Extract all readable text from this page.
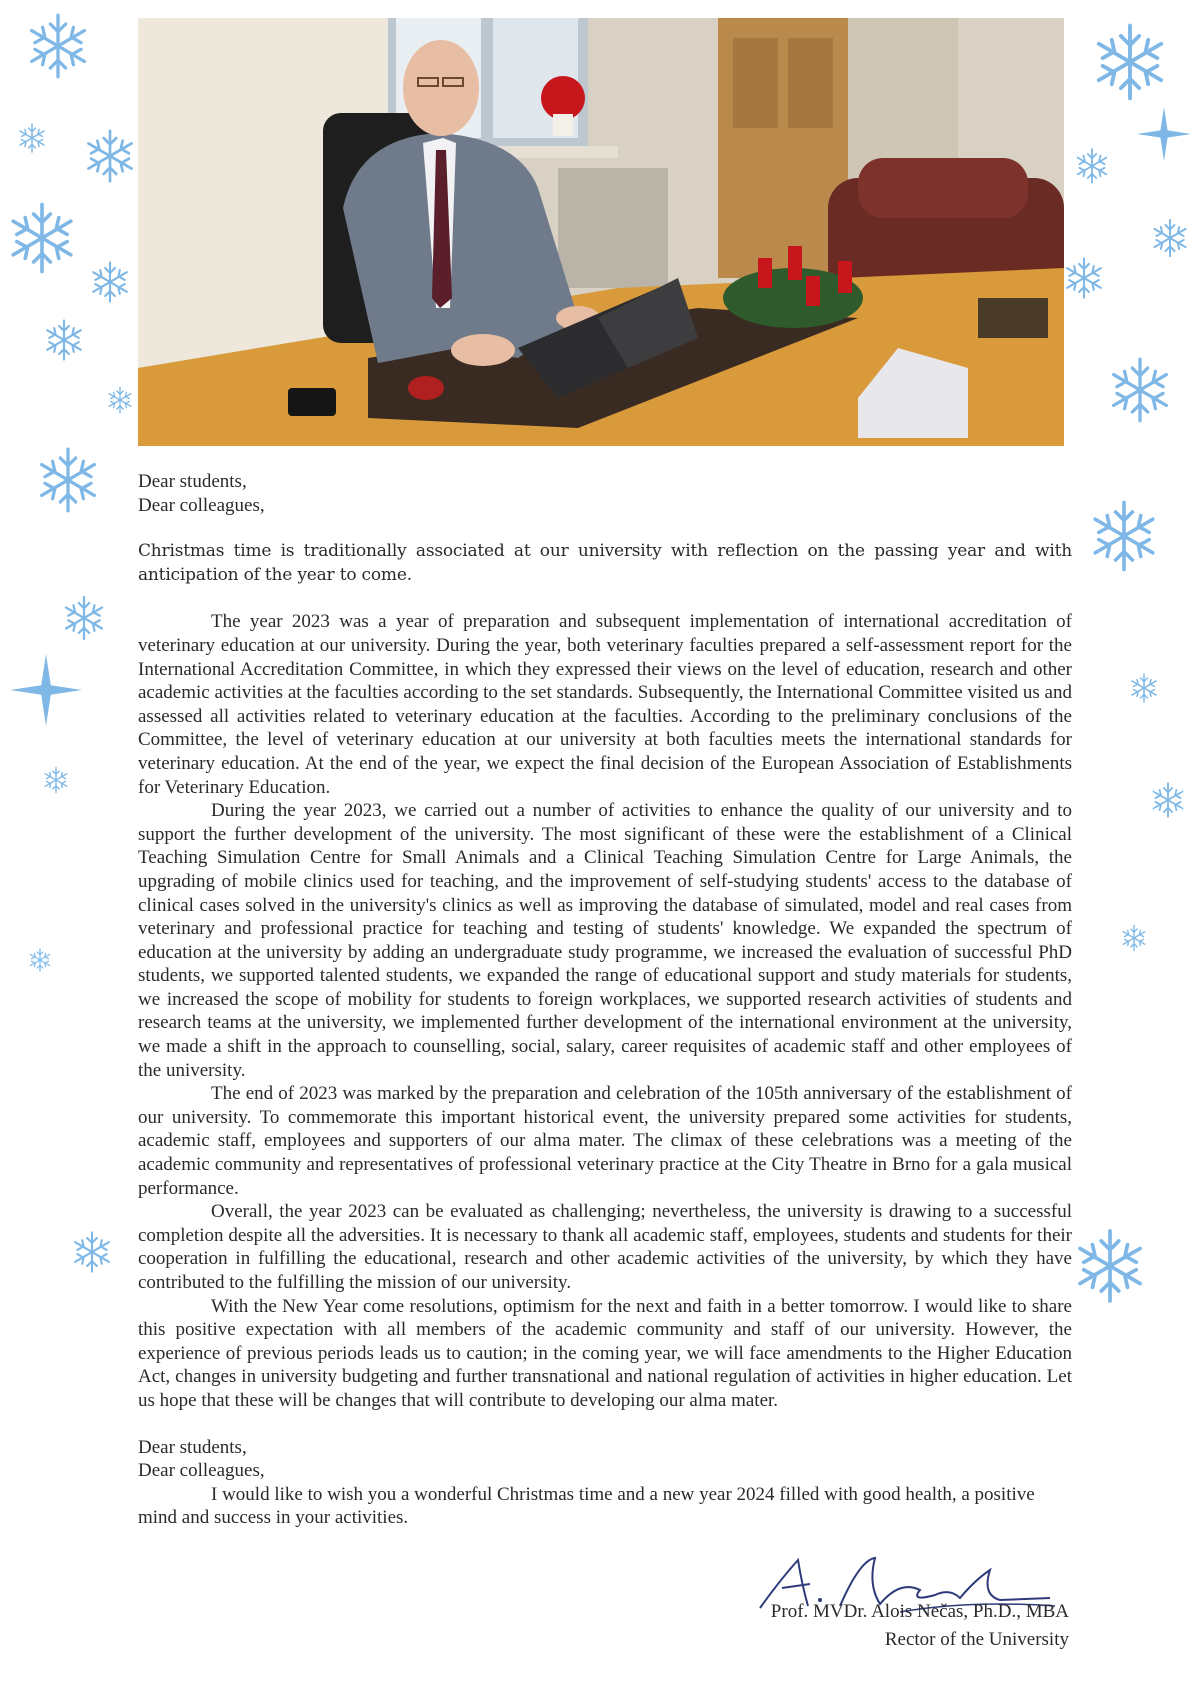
Dear students,

Dear colleagues,

Christmas time is traditionally associated at our university with reflection on the passing year and with anticipation of the year to come.

The year 2023 was a year of preparation and subsequent implementation of international accreditation of veterinary education at our university. During the year, both veterinary faculties prepared a self-assessment report for the International Accreditation Committee, in which they expressed their views on the level of education, research and other academic activities at the faculties according to the set standards. Subsequently, the International Committee visited us and assessed all activities related to veterinary education at the faculties. According to the preliminary conclusions of the Committee, the level of veterinary education at our university at both faculties meets the international standards for veterinary education. At the end of the year, we expect the final decision of the European Association of Establishments for Veterinary Education.

During the year 2023, we carried out a number of activities to enhance the quality of our university and to support the further development of the university. The most significant of these were the establishment of a Clinical Teaching Simulation Centre for Small Animals and a Clinical Teaching Simulation Centre for Large Animals, the upgrading of mobile clinics used for teaching, and the improvement of self-studying students' access to the database of clinical cases solved in the university's clinics as well as improving the database of simulated, model and real cases from veterinary and professional practice for teaching and testing of students' knowledge. We expanded the spectrum of education at the university by adding an undergraduate study programme, we increased the evaluation of successful PhD students, we supported talented students, we expanded the range of educational support and study materials for students, we increased the scope of mobility for students to foreign workplaces, we supported research activities of students and research teams at the university, we implemented further development of the international environment at the university, we made a shift in the approach to counselling, social, salary, career requisites of academic staff and other employees of the university.

The end of 2023 was marked by the preparation and celebration of the 105th anniversary of the establishment of our university. To commemorate this important historical event, the university prepared some activities for students, academic staff, employees and supporters of our alma mater. The climax of these celebrations was a meeting of the academic community and representatives of professional veterinary practice at the City Theatre in Brno for a gala musical performance.

Overall, the year 2023 can be evaluated as challenging; nevertheless, the university is drawing to a successful completion despite all the adversities. It is necessary to thank all academic staff, employees, students and students for their cooperation in fulfilling the educational, research and other academic activities of the university, by which they have contributed to the fulfilling the mission of our university.

With the New Year come resolutions, optimism for the next and faith in a better tomorrow. I would like to share this positive expectation with all members of the academic community and staff of our university. However, the experience of previous periods leads us to caution; in the coming year, we will face amendments to the Higher Education Act, changes in university budgeting and further transnational and national regulation of activities in higher education. Let us hope that these will be changes that will contribute to developing our alma mater.

Dear students,

Dear colleagues,

I would like to wish you a wonderful Christmas time and a new year 2024 filled with good health, a positive mind and success in your activities.

Prof. MVDr. Alois Nečas, Ph.D., MBA
Rector of the University
